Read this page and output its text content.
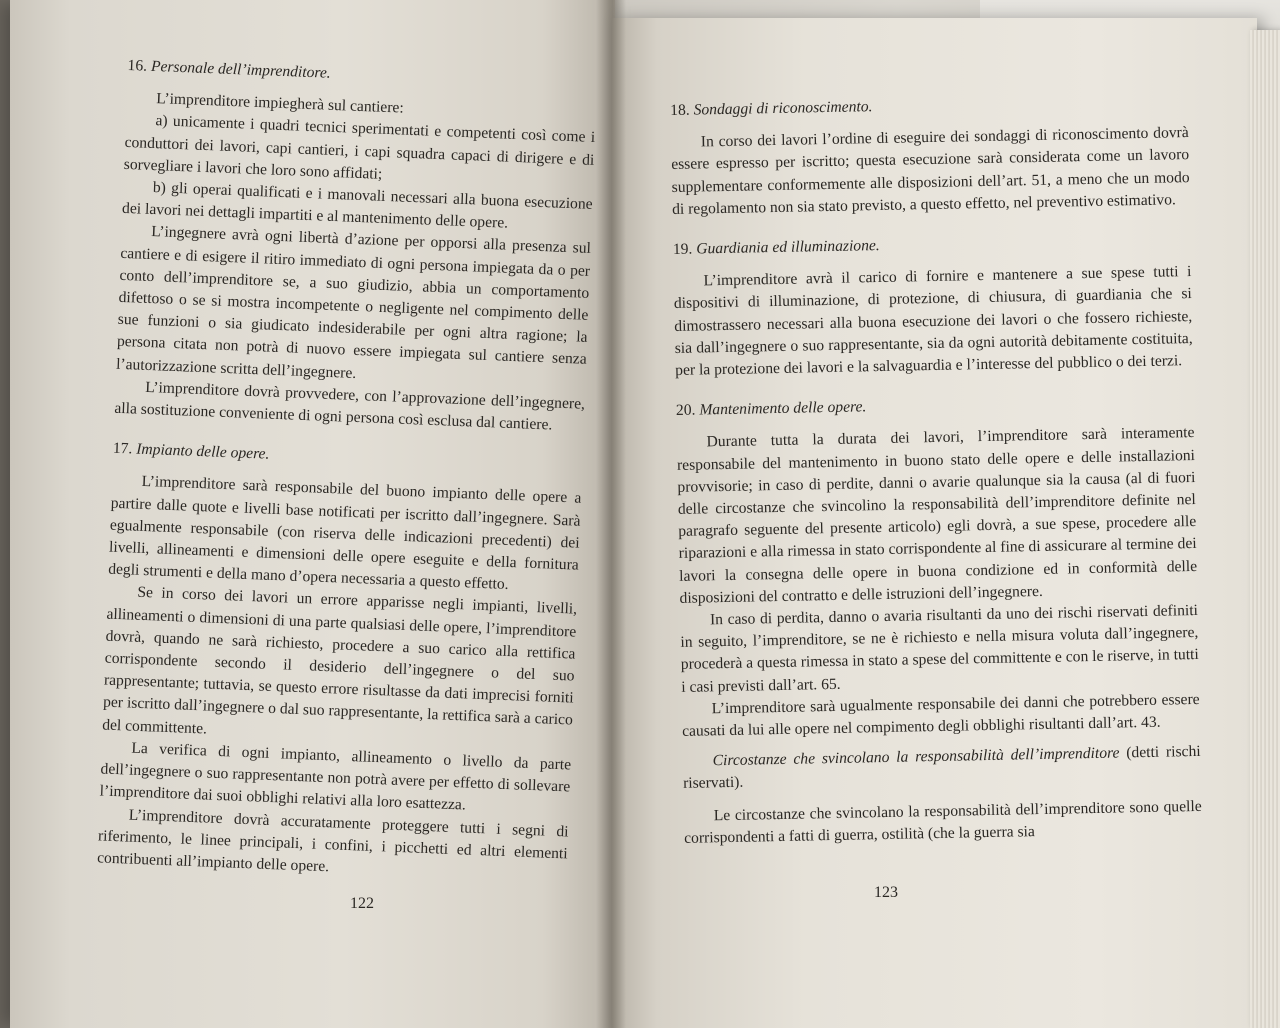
16. Personale dell’imprenditore.

L’imprenditore impiegherà sul cantiere:

a) unicamente i quadri tecnici sperimentati e competenti così come i conduttori dei lavori, capi cantieri, i capi squadra capaci di dirigere e di sorvegliare i lavori che loro sono affidati;

b) gli operai qualificati e i manovali necessari alla buona esecuzione dei lavori nei dettagli impartiti e al mantenimento delle opere.

L’ingegnere avrà ogni libertà d’azione per opporsi alla presenza sul cantiere e di esigere il ritiro immediato di ogni persona impiegata da o per conto dell’imprenditore se, a suo giudizio, abbia un comportamento difettoso o se si mostra incompetente o negligente nel compimento delle sue funzioni o sia giudicato indesiderabile per ogni altra ragione; la persona citata non potrà di nuovo essere impiegata sul cantiere senza l’autorizzazione scritta dell’ingegnere.

L’imprenditore dovrà provvedere, con l’approvazione dell’ingegnere, alla sostituzione conveniente di ogni persona così esclusa dal cantiere.

17. Impianto delle opere.

L’imprenditore sarà responsabile del buono impianto delle opere a partire dalle quote e livelli base notificati per iscritto dall’ingegnere. Sarà egualmente responsabile (con riserva delle indicazioni precedenti) dei livelli, allineamenti e dimensioni delle opere eseguite e della fornitura degli strumenti e della mano d’opera necessaria a questo effetto.

Se in corso dei lavori un errore apparisse negli impianti, livelli, allineamenti o dimensioni di una parte qualsiasi delle opere, l’imprenditore dovrà, quando ne sarà richiesto, procedere a suo carico alla rettifica corrispondente secondo il desiderio dell’ingegnere o del suo rappresentante; tuttavia, se questo errore risultasse da dati imprecisi forniti per iscritto dall’ingegnere o dal suo rappresentante, la rettifica sarà a carico del committente.

La verifica di ogni impianto, allineamento o livello da parte dell’ingegnere o suo rappresentante non potrà avere per effetto di sollevare l’imprenditore dai suoi obblighi relativi alla loro esattezza.

L’imprenditore dovrà accuratamente proteggere tutti i segni di riferimento, le linee principali, i confini, i picchetti ed altri elementi contribuenti all’impianto delle opere.

122

18. Sondaggi di riconoscimento.

In corso dei lavori l’ordine di eseguire dei sondaggi di riconoscimento dovrà essere espresso per iscritto; questa esecuzione sarà considerata come un lavoro supplementare conformemente alle disposizioni dell’art. 51, a meno che un modo di regolamento non sia stato previsto, a questo effetto, nel preventivo estimativo.

19. Guardiania ed illuminazione.

L’imprenditore avrà il carico di fornire e mantenere a sue spese tutti i dispositivi di illuminazione, di protezione, di chiusura, di guardiania che si dimostrassero necessari alla buona esecuzione dei lavori o che fossero richieste, sia dall’ingegnere o suo rappresentante, sia da ogni autorità debitamente costituita, per la protezione dei lavori e la salvaguardia e l’interesse del pubblico o dei terzi.

20. Mantenimento delle opere.

Durante tutta la durata dei lavori, l’imprenditore sarà interamente responsabile del mantenimento in buono stato delle opere e delle installazioni provvisorie; in caso di perdite, danni o avarie qualunque sia la causa (al di fuori delle circostanze che svincolino la responsabilità dell’imprenditore definite nel paragrafo seguente del presente articolo) egli dovrà, a sue spese, procedere alle riparazioni e alla rimessa in stato corrispondente al fine di assicurare al termine dei lavori la consegna delle opere in buona condizione ed in conformità delle disposizioni del contratto e delle istruzioni dell’ingegnere.

In caso di perdita, danno o avaria risultanti da uno dei rischi riservati definiti in seguito, l’imprenditore, se ne è richiesto e nella misura voluta dall’ingegnere, procederà a questa rimessa in stato a spese del committente e con le riserve, in tutti i casi previsti dall’art. 65.

L’imprenditore sarà ugualmente responsabile dei danni che potrebbero essere causati da lui alle opere nel compimento degli obblighi risultanti dall’art. 43.

Circostanze che svincolano la responsabilità dell’imprenditore (detti rischi riservati).

Le circostanze che svincolano la responsabilità dell’imprenditore sono quelle corrispondenti a fatti di guerra, ostilità (che la guerra sia

123
